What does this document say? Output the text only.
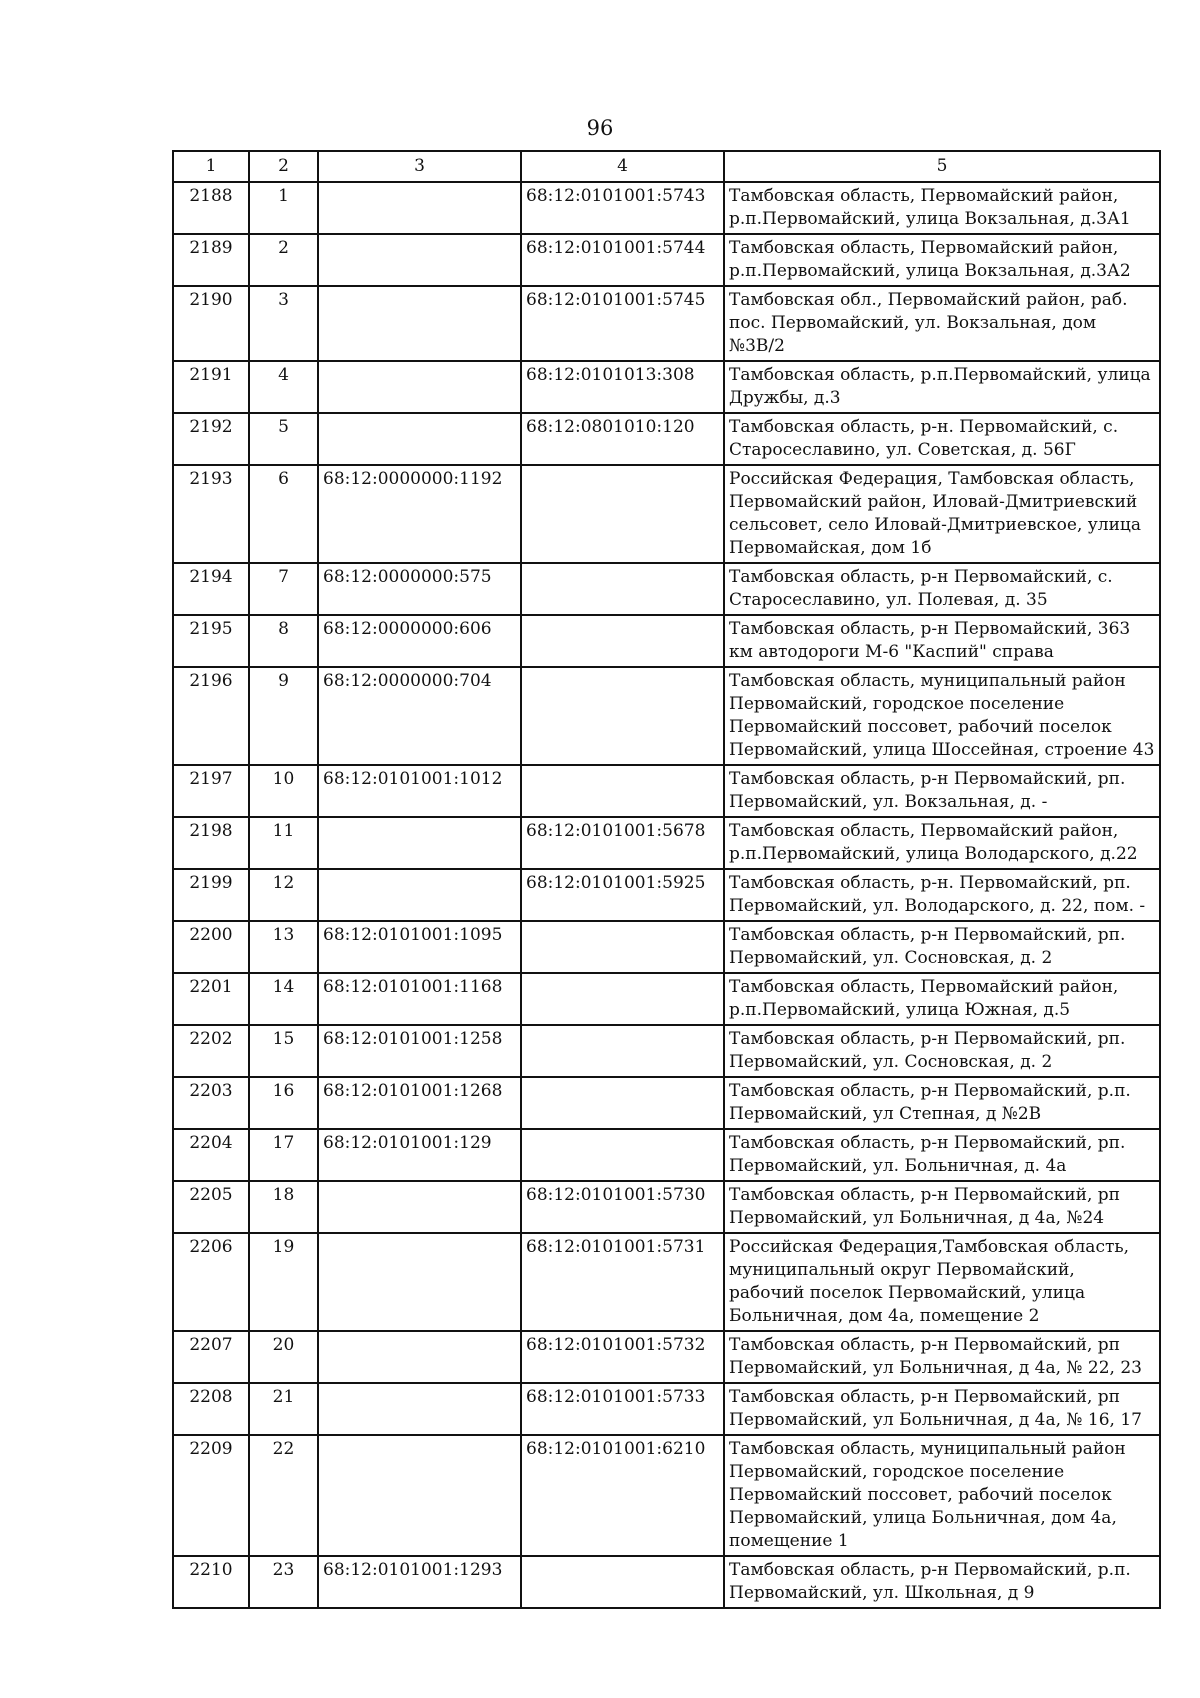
96
1	2	3	4	5
2188	1		68:12:0101001:5743	Тамбовская область, Первомайский район, р.п.Первомайский, улица Вокзальная, д.3А1
2189	2		68:12:0101001:5744	Тамбовская область, Первомайский район, р.п.Первомайский, улица Вокзальная, д.3А2
2190	3		68:12:0101001:5745	Тамбовская обл., Первомайский район, раб. пос. Первомайский, ул. Вокзальная, дом №3В/2
2191	4		68:12:0101013:308	Тамбовская область, р.п.Первомайский, улица Дружбы, д.3
2192	5		68:12:0801010:120	Тамбовская область, р-н. Первомайский, с. Старосеславино, ул. Советская, д. 56Г
2193	6	68:12:0000000:1192		Российская Федерация, Тамбовская область, Первомайский район, Иловай-Дмитриевский сельсовет, село Иловай-Дмитриевское, улица Первомайская, дом 1б
2194	7	68:12:0000000:575		Тамбовская область, р-н Первомайский, с. Старосеславино, ул. Полевая, д. 35
2195	8	68:12:0000000:606		Тамбовская область, р-н Первомайский, 363 км автодороги М-6 "Каспий" справа
2196	9	68:12:0000000:704		Тамбовская область, муниципальный район Первомайский, городское поселение Первомайский поссовет, рабочий поселок Первомайский, улица Шоссейная, строение 43
2197	10	68:12:0101001:1012		Тамбовская область, р-н Первомайский, рп. Первомайский, ул. Вокзальная, д. -
2198	11		68:12:0101001:5678	Тамбовская область, Первомайский район, р.п.Первомайский, улица Володарского, д.22
2199	12		68:12:0101001:5925	Тамбовская область, р-н. Первомайский, рп. Первомайский, ул. Володарского, д. 22, пом. -
2200	13	68:12:0101001:1095		Тамбовская область, р-н Первомайский, рп. Первомайский, ул. Сосновская, д. 2
2201	14	68:12:0101001:1168		Тамбовская область, Первомайский район, р.п.Первомайский, улица Южная, д.5
2202	15	68:12:0101001:1258		Тамбовская область, р-н Первомайский, рп. Первомайский, ул. Сосновская, д. 2
2203	16	68:12:0101001:1268		Тамбовская область, р-н Первомайский, р.п. Первомайский, ул Степная, д №2В
2204	17	68:12:0101001:129		Тамбовская область, р-н Первомайский, рп. Первомайский, ул. Больничная, д. 4а
2205	18		68:12:0101001:5730	Тамбовская область, р-н Первомайский, рп Первомайский, ул Больничная, д 4а, №24
2206	19		68:12:0101001:5731	Российская Федерация,Тамбовская область, муниципальный округ Первомайский, рабочий поселок Первомайский, улица Больничная, дом 4а, помещение 2
2207	20		68:12:0101001:5732	Тамбовская область, р-н Первомайский, рп Первомайский, ул Больничная, д 4а, № 22, 23
2208	21		68:12:0101001:5733	Тамбовская область, р-н Первомайский, рп Первомайский, ул Больничная, д 4а, № 16, 17
2209	22		68:12:0101001:6210	Тамбовская область, муниципальный район Первомайский, городское поселение Первомайский поссовет, рабочий поселок Первомайский, улица Больничная, дом 4а, помещение 1
2210	23	68:12:0101001:1293		Тамбовская область, р-н Первомайский, р.п. Первомайский, ул. Школьная, д 9
